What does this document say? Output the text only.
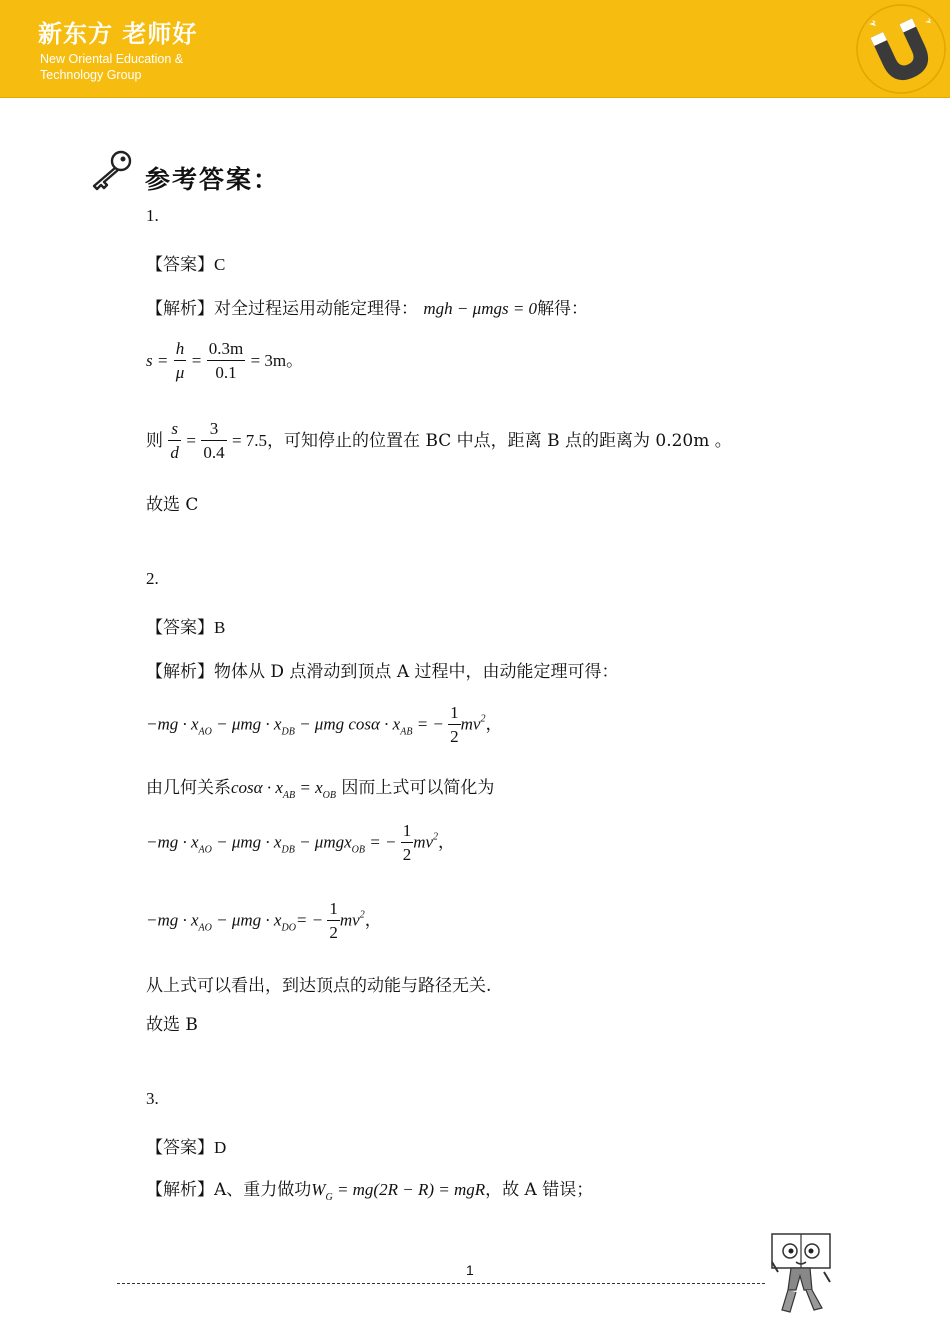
新东方 老师好
New Oriental Education & Technology Group
参考答案：
1.
【答案】C
【解析】对全过程运用动能定理得： mgh − μmgs = 0解得：
$s = \frac{h}{\mu} = \frac{0.3m}{0.1} = 3m$。
则 $\frac{s}{d} = \frac{3}{0.4} = 7.5$，可知停止的位置在 BC 中点，距离 B 点的距离为 0.20m 。
故选 C
2.
【答案】B
【解析】物体从 D 点滑动到顶点 A 过程中，由动能定理可得：
$-mg \cdot x_{AO} - \mu mg \cdot x_{DB} - \mu mg$ $\cos\alpha \cdot x_{AB}$ = − $\frac{1}{2} mv^2$，
由几何关系$\cos\alpha \cdot x_{AB} = x_{OB}$ 因而上式可以简化为
$-mg \cdot x_{AO} - \mu mg \cdot x_{DB} - \mu mgx_{OB}$ = − $\frac{1}{2} mv^2$，
$-mg \cdot x_{AO} - \mu mg \cdot x_{DO}= - \frac{1}{2} mv^2$，
从上式可以看出，到达顶点的动能与路径无关.
故选 B
3.
【答案】D
【解析】A、重力做功$W_G = mg(2R - R)$ = mgR，故 A 错误；
1
